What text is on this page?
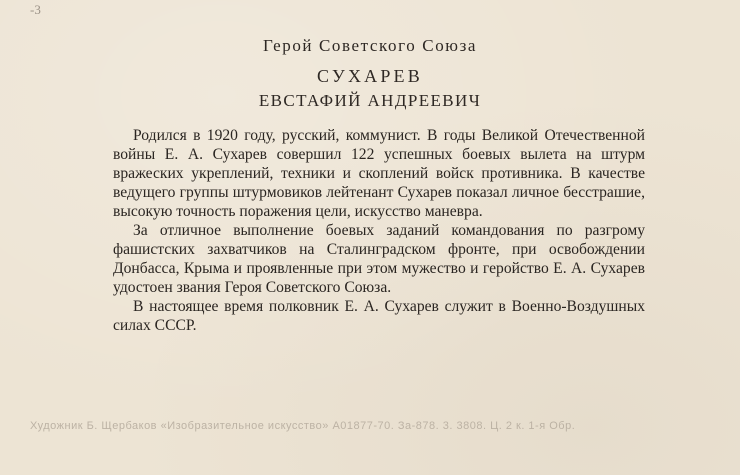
-3
Герой Советского Союза
СУХАРЕВ
ЕВСТАФИЙ АНДРЕЕВИЧ

Родился в 1920 году, русский, коммунист. В годы Великой Отечественной войны Е. А. Сухарев совершил 122 успешных боевых вылета на штурм вражеских укреплений, техники и скоплений войск противника. В качестве ведущего группы штурмовиков лейтенант Сухарев показал личное бесстрашие, высокую точность поражения цели, искусство маневра.

За отличное выполнение боевых заданий командования по разгрому фашистских захватчиков на Сталинградском фронте, при освобождении Донбасса, Крыма и проявленные при этом мужество и геройство Е. А. Сухарев удостоен звания Героя Советского Союза.

В настоящее время полковник Е. А. Сухарев служит в Военно-Воздушных силах СССР.

Художник Б. Щербаков «Изобразительное искусство» А01877-70. За-878. 3. 3808. Ц. 2 к. 1-я Обр.
